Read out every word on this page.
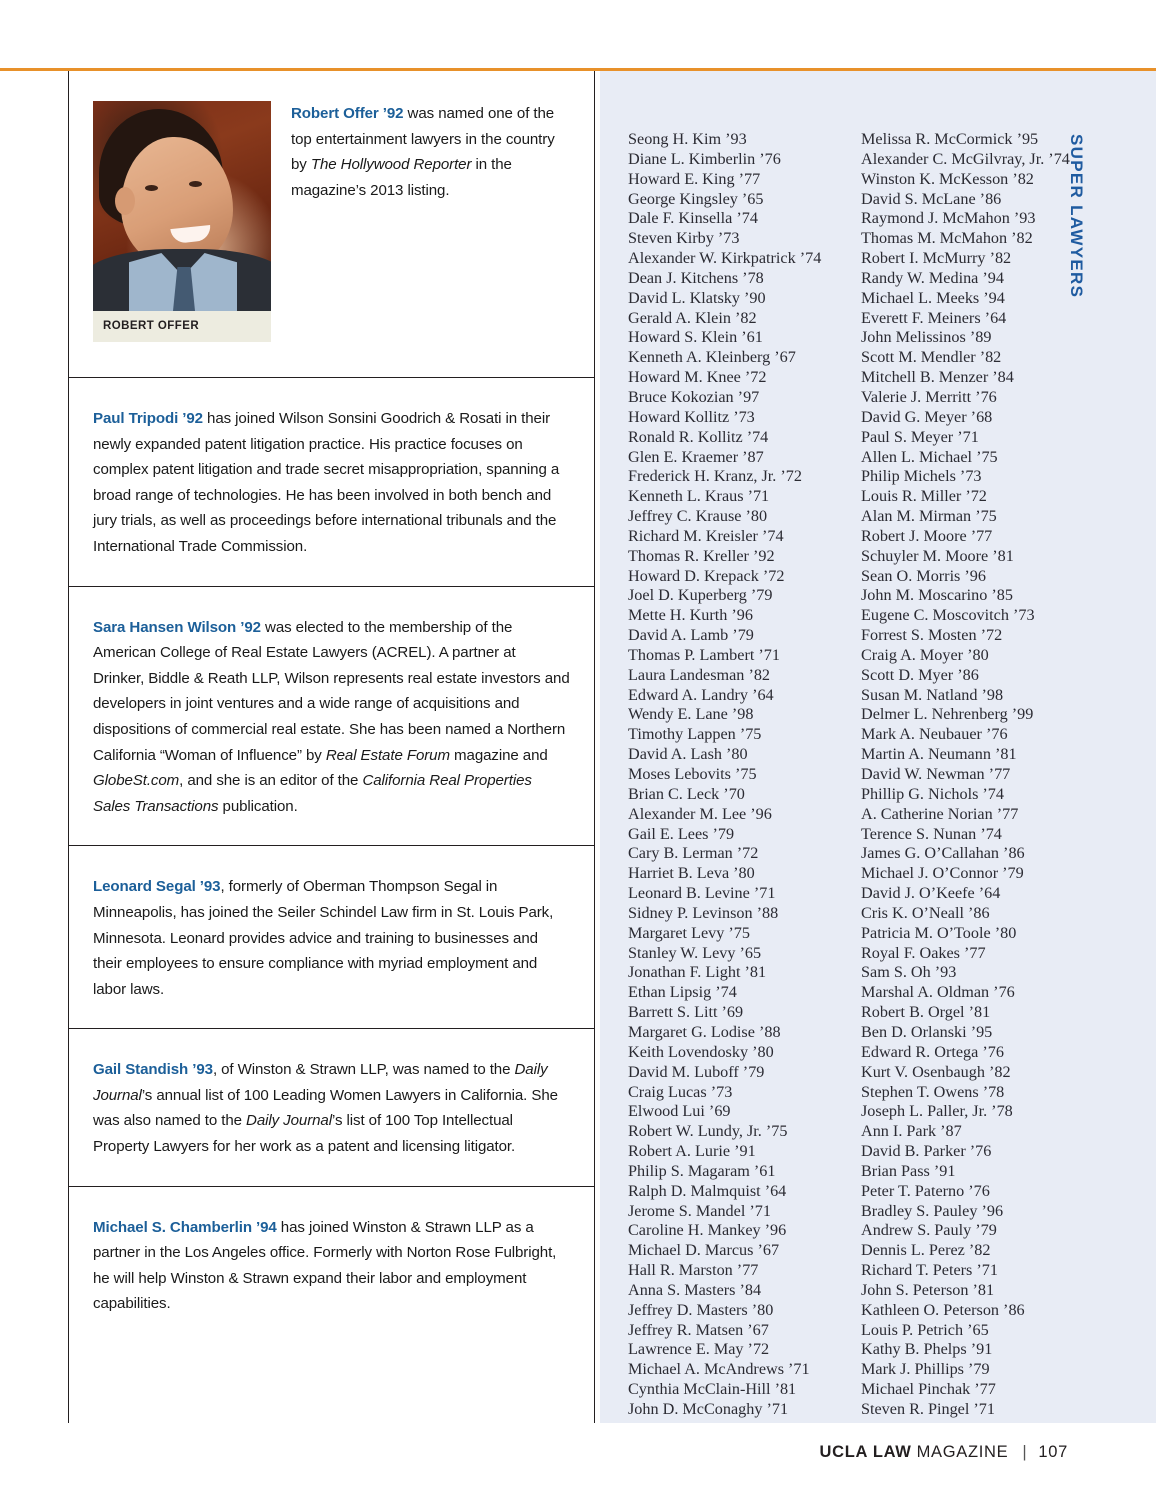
ROBERT OFFER
Robert Offer ’92 was named one of the top entertainment lawyers in the country by The Hollywood Reporter in the magazine’s 2013 listing.
Paul Tripodi ’92 has joined Wilson Sonsini Goodrich & Rosati in their newly expanded patent litigation practice. His practice focuses on complex patent litigation and trade secret misappropriation, spanning a broad range of technologies. He has been involved in both bench and jury trials, as well as proceedings before international tribunals and the International Trade Commission.
Sara Hansen Wilson ’92 was elected to the membership of the American College of Real Estate Lawyers (ACREL). A partner at Drinker, Biddle & Reath LLP, Wilson represents real estate investors and developers in joint ventures and a wide range of acquisitions and dispositions of commercial real estate. She has been named a Northern California “Woman of Influence” by Real Estate Forum magazine and GlobeSt.com, and she is an editor of the California Real Properties Sales Transactions publication.
Leonard Segal ’93, formerly of Oberman Thompson Segal in Minneapolis, has joined the Seiler Schindel Law firm in St. Louis Park, Minnesota. Leonard provides advice and training to businesses and their employees to ensure compliance with myriad employment and labor laws.
Gail Standish ’93, of Winston & Strawn LLP, was named to the Daily Journal’s annual list of 100 Leading Women Lawyers in California. She was also named to the Daily Journal’s list of 100 Top Intellectual Property Lawyers for her work as a patent and licensing litigator.
Michael S. Chamberlin ’94 has joined Winston & Strawn LLP as a partner in the Los Angeles office. Formerly with Norton Rose Fulbright, he will help Winston & Strawn expand their labor and employment capabilities.
Seong H. Kim ’93
Diane L. Kimberlin ’76
Howard E. King ’77
George Kingsley ’65
Dale F. Kinsella ’74
Steven Kirby ’73
Alexander W. Kirkpatrick ’74
Dean J. Kitchens ’78
David L. Klatsky ’90
Gerald A. Klein ’82
Howard S. Klein ’61
Kenneth A. Kleinberg ’67
Howard M. Knee ’72
Bruce Kokozian ’97
Howard Kollitz ’73
Ronald R. Kollitz ’74
Glen E. Kraemer ’87
Frederick H. Kranz, Jr. ’72
Kenneth L. Kraus ’71
Jeffrey C. Krause ’80
Richard M. Kreisler ’74
Thomas R. Kreller ’92
Howard D. Krepack ’72
Joel D. Kuperberg ’79
Mette H. Kurth ’96
David A. Lamb ’79
Thomas P. Lambert ’71
Laura Landesman ’82
Edward A. Landry ’64
Wendy E. Lane ’98
Timothy Lappen ’75
David A. Lash ’80
Moses Lebovits ’75
Brian C. Leck ’70
Alexander M. Lee ’96
Gail E. Lees ’79
Cary B. Lerman ’72
Harriet B. Leva ’80
Leonard B. Levine ’71
Sidney P. Levinson ’88
Margaret Levy ’75
Stanley W. Levy ’65
Jonathan F. Light ’81
Ethan Lipsig ’74
Barrett S. Litt ’69
Margaret G. Lodise ’88
Keith Lovendosky ’80
David M. Luboff ’79
Craig Lucas ’73
Elwood Lui ’69
Robert W. Lundy, Jr. ’75
Robert A. Lurie ’91
Philip S. Magaram ’61
Ralph D. Malmquist ’64
Jerome S. Mandel ’71
Caroline H. Mankey ’96
Michael D. Marcus ’67
Hall R. Marston ’77
Anna S. Masters ’84
Jeffrey D. Masters ’80
Jeffrey R. Matsen ’67
Lawrence E. May ’72
Michael A. McAndrews ’71
Cynthia McClain-Hill ’81
John D. McConaghy ’71
Melissa R. McCormick ’95
Alexander C. McGilvray, Jr. ’74
Winston K. McKesson ’82
David S. McLane ’86
Raymond J. McMahon ’93
Thomas M. McMahon ’82
Robert I. McMurry ’82
Randy W. Medina ’94
Michael L. Meeks ’94
Everett F. Meiners ’64
John Melissinos ’89
Scott M. Mendler ’82
Mitchell B. Menzer ’84
Valerie J. Merritt ’76
David G. Meyer ’68
Paul S. Meyer ’71
Allen L. Michael ’75
Philip Michels ’73
Louis R. Miller ’72
Alan M. Mirman ’75
Robert J. Moore ’77
Schuyler M. Moore ’81
Sean O. Morris ’96
John M. Moscarino ’85
Eugene C. Moscovitch ’73
Forrest S. Mosten ’72
Craig A. Moyer ’80
Scott D. Myer ’86
Susan M. Natland ’98
Delmer L. Nehrenberg ’99
Mark A. Neubauer ’76
Martin A. Neumann ’81
David W. Newman ’77
Phillip G. Nichols ’74
A. Catherine Norian ’77
Terence S. Nunan ’74
James G. O’Callahan ’86
Michael J. O’Connor ’79
David J. O’Keefe ’64
Cris K. O’Neall ’86
Patricia M. O’Toole ’80
Royal F. Oakes ’77
Sam S. Oh ’93
Marshal A. Oldman ’76
Robert B. Orgel ’81
Ben D. Orlanski ’95
Edward R. Ortega ’76
Kurt V. Osenbaugh ’82
Stephen T. Owens ’78
Joseph L. Paller, Jr. ’78
Ann I. Park ’87
David B. Parker ’76
Brian Pass ’91
Peter T. Paterno ’76
Bradley S. Pauley ’96
Andrew S. Pauly ’79
Dennis L. Perez ’82
Richard T. Peters ’71
John S. Peterson ’81
Kathleen O. Peterson ’86
Louis P. Petrich ’65
Kathy B. Phelps ’91
Mark J. Phillips ’79
Michael Pinchak ’77
Steven R. Pingel ’71
SUPER LAWYERS
UCLA LAW MAGAZINE | 107
